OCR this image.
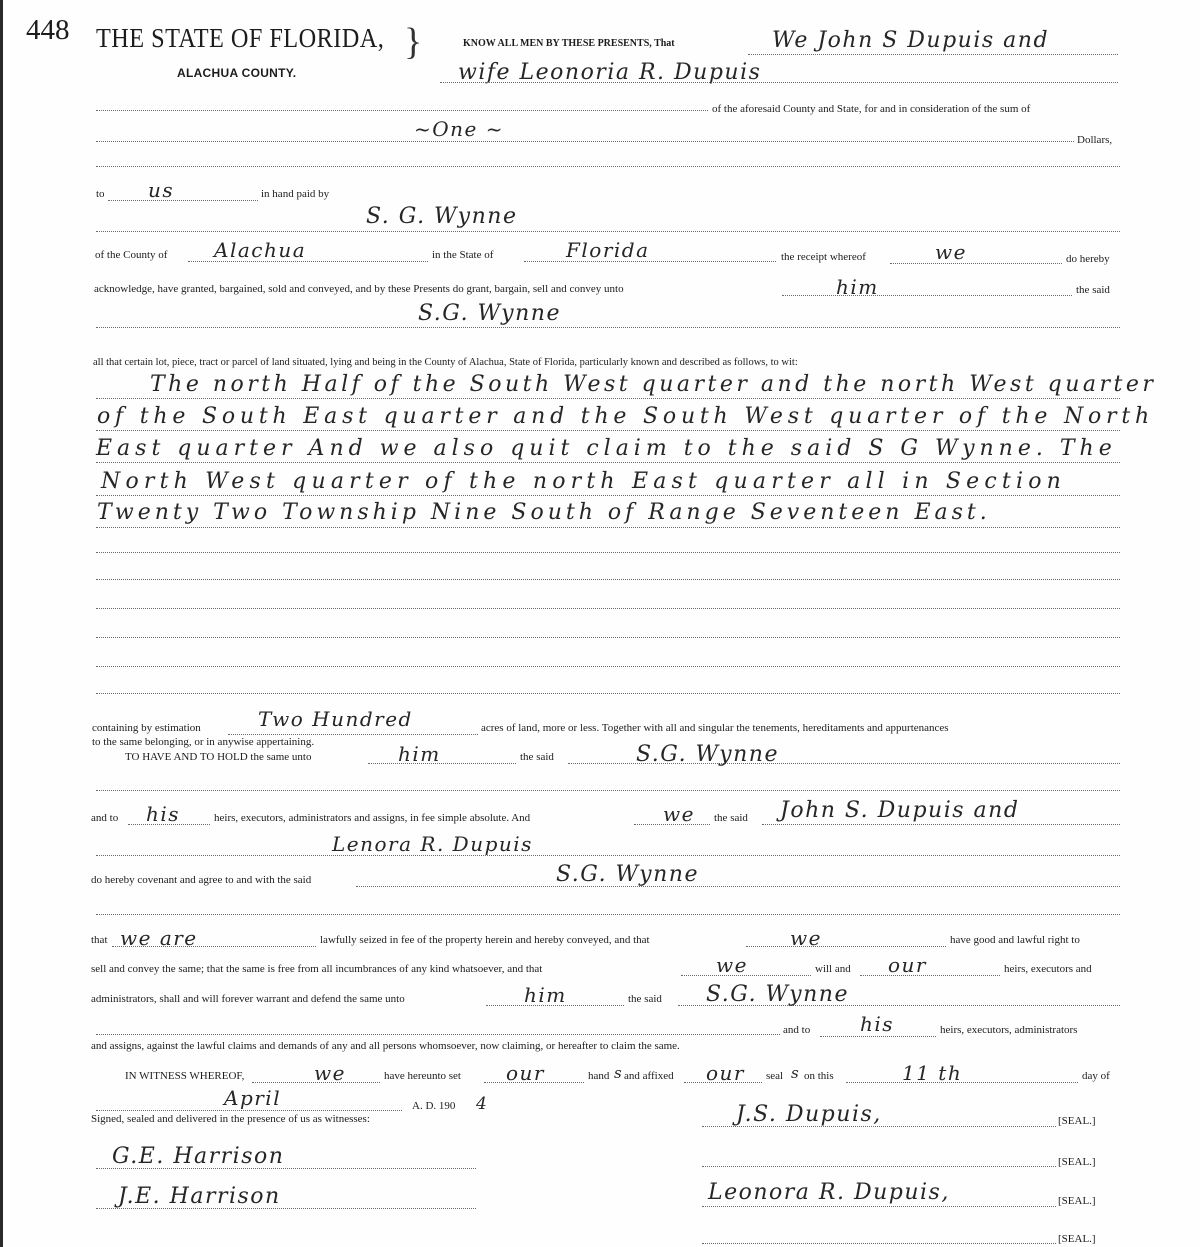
448 THE STATE OF FLORIDA, }
ALACHUA COUNTY.
KNOW ALL MEN BY THESE PRESENTS, That	We John S Dupuis and
wife Leonoria R. Dupuis
of the aforesaid County and State, for and in consideration of the sum of
~One ~	Dollars,
to us	in hand paid by
S. G. Wynne
of the County of Alachua	in the State of	Florida	the receipt whereof	we	do hereby
acknowledge, have granted, bargained, sold and conveyed, and by these Presents do grant, bargain, sell and convey unto	him	the said
S.G. Wynne
all that certain lot, piece, tract or parcel of land situated, lying and being in the County of Alachua, State of Florida, particularly known and described as follows, to wit:
The north Half of the South West quarter and the north West quarter
of the South East quarter and the South West quarter of the North
East quarter And we also quit claim to the said S G Wynne. The
North West quarter of the north East quarter all in Section
Twenty Two Township Nine South of Range Seventeen East.
containing by estimation	Two Hundred	acres of land, more or less. Together with all and singular the tenements, hereditaments and appurtenances
to the same belonging, or in anywise appertaining.
TO HAVE AND TO HOLD the same unto	him	the said	S.G. Wynne
and to his	heirs, executors, administrators and assigns, in fee simple absolute. And	we the said John S. Dupuis and
Lenora R. Dupuis
do hereby covenant and agree to and with the said	S.G. Wynne
that we are	lawfully seized in fee of the property herein and hereby conveyed, and that	we	have good and lawful right to
sell and convey the same; that the same is free from all incumbrances of any kind whatsoever, and that	we	will and our	heirs, executors and
administrators, shall and will forever warrant and defend the same unto	him	the said S.G. Wynne
and to his	heirs, executors, administrators
and assigns, against the lawful claims and demands of any and all persons whomsoever, now claiming, or hereafter to claim the same.
IN WITNESS WHEREOF,	we	have hereunto set our	hand s and affixed our seal s on this	11 th	day of
April	A. D. 190 4
Signed, sealed and delivered in the presence of us as witnesses:	J.S. Dupuis,	[SEAL.]
G.E. Harrison	[SEAL.]
J.E. Harrison	Leonora R. Dupuis,	[SEAL.]
[SEAL.]
